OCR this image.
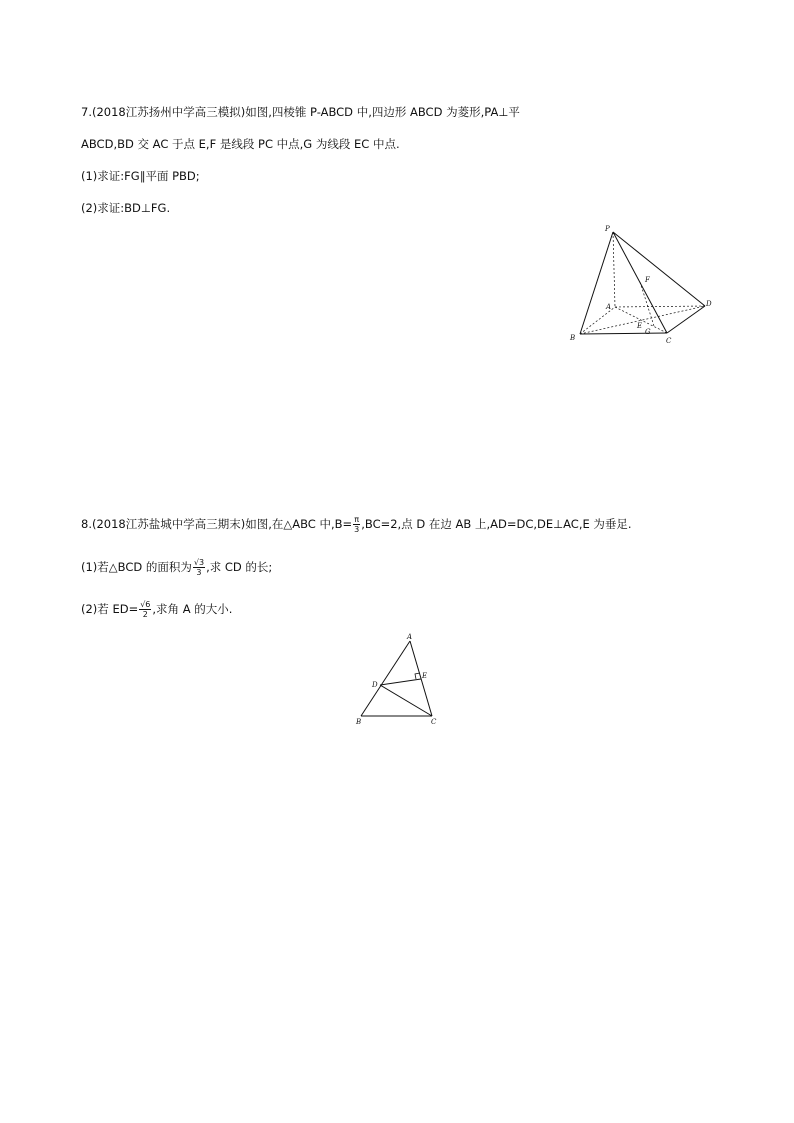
7.(2018江苏扬州中学高三模拟)如图,四棱锥 P-ABCD 中,四边形 ABCD 为菱形,PA⊥平
ABCD,BD 交 AC 于点 E,F 是线段 PC 中点,G 为线段 EC 中点.
(1)求证:FG∥平面 PBD;
(2)求证:BD⊥FG.
P
A
B	C
D
E
F
G
8.(2018江苏盐城中学高三期末)如图,在△ABC 中$,B= \frac{\pi}{3} ,BC=2$,点 D 在边 AB 上,AD=DC,DE⊥AC,E 为垂足.
(1)若△BCD 的面积为 $\frac{√3}{3}$ ,求 CD 的长;
(2)若 $ED= \frac{√6}{2}$ ,求角 A 的大小.
A
B	C
D
E
